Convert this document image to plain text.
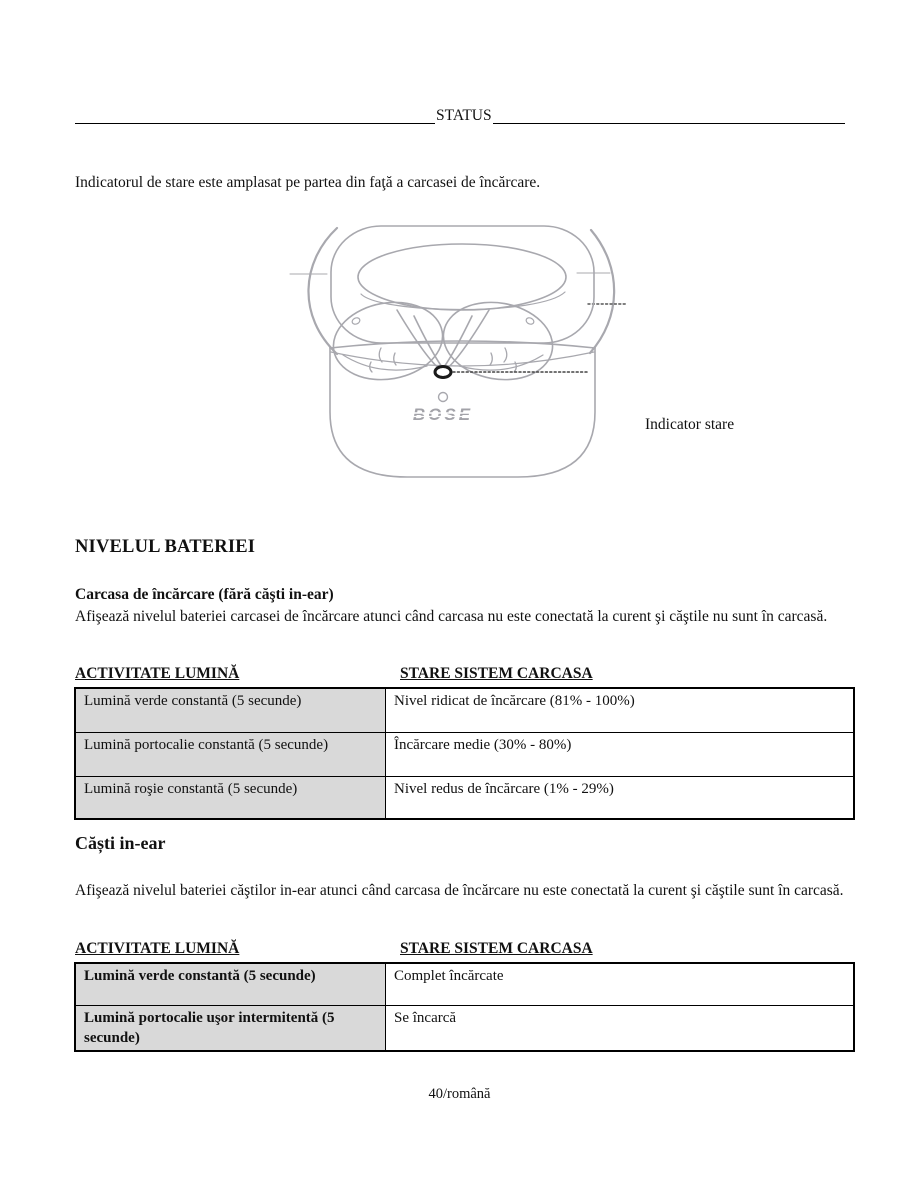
STATUS
Indicatorul de stare este amplasat pe partea din faţă a carcasei de încărcare.
BOSE
Indicator stare
NIVELUL BATERIEI
Carcasa de încărcare (fără căşti in-ear)
Afişează nivelul bateriei carcasei de încărcare atunci când carcasa nu este conectată la curent şi căştile nu sunt în carcasă.
ACTIVITATE LUMINĂ	STARE SISTEM CARCASA
Lumină verde constantă (5 secunde)	Nivel ridicat de încărcare (81% - 100%)
Lumină portocalie constantă (5 secunde)	Încărcare medie (30% - 80%)
Lumină roşie constantă (5 secunde)	Nivel redus de încărcare (1% - 29%)
Căști in-ear
Afişează nivelul bateriei căştilor in-ear atunci când carcasa de încărcare nu este conectată la curent şi căştile sunt în carcasă.
ACTIVITATE LUMINĂ	STARE SISTEM CARCASA
Lumină verde constantă (5 secunde)	Complet încărcate
Lumină portocalie uşor intermitentă (5 secunde)	Se încarcă
40/română
